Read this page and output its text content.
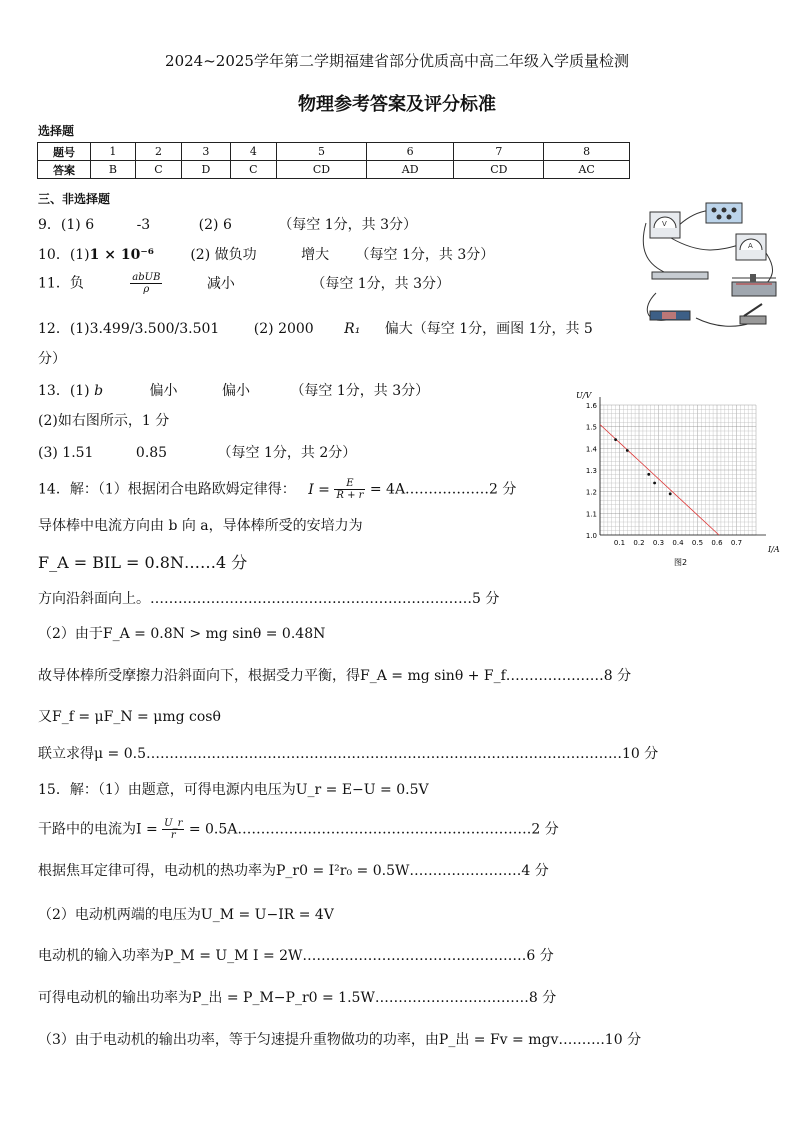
2024~2025学年第二学期福建省部分优质高中高二年级入学质量检测
物理参考答案及评分标准
选择题
题号	1	2	3	4	5	6	7	8
答案	B	C	D	C	CD	AD	CD	AC
三、非选择题
9．(1) 6	-3	(2) 6	（每空 1分，共 3分）
10．(1)1 × 10⁻⁶	(2) 做负功	增大 （每空 1分，共 3分）
11．负	$\frac{\text{abUB}}{\rho}$	减小	（每空 1分，共 3分）
12．(1)3.499/3.500/3.501 (2) 2000 R₁ 偏大（每空 1分，画图 1分，共 5
分）
13．(1) b	偏小	偏小	（每空 1分，共 3分）
(2)如右图所示，1 分
(3) 1.51	0.85	（每空 1分，共 2分）
14．解：（1）根据闭合电路欧姆定律得： $I = \frac{E}{R + r}$ = 4A………………2 分
导体棒中电流方向由 b 向 a，导体棒所受的安培力为
F_A = BIL = 0.8N……4 分
方向沿斜面向上。……………………………………………………………5 分
（2）由于F_A = 0.8N > mg sinθ = 0.48N
故导体棒所受摩擦力沿斜面向下，根据受力平衡，得F_A = mg sinθ + F_f…………………8 分
又F_f = μF_N = μmg cosθ
联立求得μ = 0.5…………………………………………………………………………………………10 分
15．解：（1）由题意，可得电源内电压为U_r = E−U = 0.5V
干路中的电流为$I = \frac{U\_r}{r}$ = 0.5A………………………………………………………2 分
根据焦耳定律可得，电动机的热功率为P_r0 = I²r₀ = 0.5W……………………4 分
（2）电动机两端的电压为U_M = U−IR = 4V
电动机的输入功率为P_M = U_M I = 2W…………………………………………6 分
可得电动机的输出功率为P_出 = P_M−P_r0 = 1.5W……………………………8 分
（3）由于电动机的输出功率，等于匀速提升重物做功的功率，由P_出 = Fv = mgv……….10 分
V
A
U/V
I/A
图2
1.0
1.1
1.2
1.3
1.4
1.5
1.6
0.1 0.2 0.3 0.4 0.5 0.6 0.7
